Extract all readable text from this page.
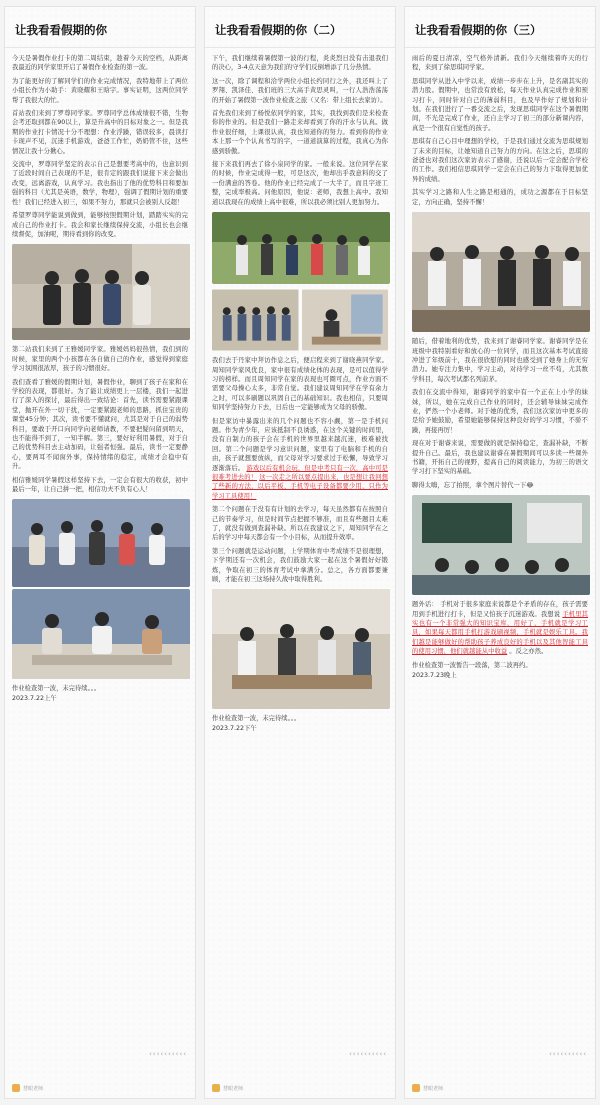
让我看看假期的你

今天是暑假作业打卡的第二周结束，趁着今天的空档，从距离我最近的同学家里开启了暑假作业检查的第一波。

为了能更好的了解同学们的作业完成情况，我特地带上了两位小组长作为小助手：黄晓耀和王晗宇。事实证明，这两位同学帮了我很大的忙。

首站我们来到了罗尊同学家。罗尊同学总体成绩很不错，生物会考还取到都在90以上，算是升高中的目标对象之一。但是我期的作业打卡情况十分不理想：作业浮躁，错误较多，晨读打卡现声不见，沉迷手机游戏，爸爸工作忙，奶奶管不住，这些情况让我十分揪心。

交流中，罗尊同学坚定的表示自己是想要考高中的，也意识到了近段时间自己表现的不足，很肯定的跟我们说接下来会做出改变，远离游戏，认真学习。我也指出了他的优势科目和要加强的科目（尤其是英语，数学，物理），强调了假期计划的重要性！我们已经进入初三，如果不努力，那就只会被别人反超！

希望罗尊同学能说到做到，能够按照假期计划，踏踏实实的完成自己的作业打卡。我会和家长继续保持交流，小组长也会继续督促，加油呢，期待看到你的改变。

第二站我们来到了王雅媛同学家。雅媛妈妈很热情，我们到的时候，家里的两个小孩都在各自做自己的作业，感觉得到家庭学习氛围很浓厚，孩子的习惯很好。

我们查看了雅媛的假期计划，暑假作业，聊到了孩子在家和在学校的表现，都很好。为了能让成绩更上一层楼，我们一起进行了深入的探讨，最后得出一致结论：首先，读书需要紧跟课堂，抛开在外一切干扰，一定要紧跟老师的思路，抓住宝贵的课堂45分钟；其次，读书要不懂就问，尤其是对于自己的弱势科目，要敢于开口向同学向老师请教，不要把疑问留到明天，也不能得不到了，一知半解。第三，要好好利用暑假，对于自己的优势科目去主动加码，让强者恒强。最后，读书一定要静心，要两耳不闻窗外事，保持情绪的稳定，成绩才会稳中有升。

相信雅媛同学暑假这样坚持下去，一定会有很大的收获，初中最后一年，让自己拼一把，相信功夫不负有心人！

作业检查第一波，未完待续。。。
2023.7.22上午
‹‹‹‹‹‹‹‹‹‹
慧眼老师
让我看看假期的你（二）

下午，我们继续着暑假第一波的行程，炎炎烈日没有击退我们的决心，3-4点天意为我们的守学们反倒增添了几分热情。

这一次，除了调程和洽学两位小组长约同行之外，我还叫上了罗翔、凯泽佳、我们班的三大高手黄思灵叫，一行人浩浩荡荡的开始了暑假第一波作业检查之旅（又名：带上组长去家访）。

首先我们来到了杨悦依同学的家，其实，我找到我们是来检查你的作业的。但是我们一路走来却看到了你的汗水与认真。做作业很仔细，上课很认真，我也知道你的努力。看到你的作业本上那一个个认真书写的字，一道道演算的过程，我真心为你感到骄傲。

接下来我们再去了徐小泉同学的家。一般来说。这位同学在家的时候，作业完成得一般，可是这次，他却出乎我意料的交了一份满意的答卷。他的作业已经完成了一大半了，而且字迹工整，完成率极高。问他原因，他说：老师，我想上高中。我知道以我现在的成绩上高中很难，所以我必须比别人更加努力。

我们去于丹家中拜访作息之后，便启程来到了谢晓燕同学家。周知同学家风优良，家中很有成绩化体的表现，是可以值得学习的榜样。而且周知同学在家的表现也可圈可点，作业方面不需要父母操心太多，非常自觉。我们建议周知同学在学有余力之时，可以多刷题以巩固自己的基础知识。我也相信，只要周知同学坚持努力下去，日后也一定能够成为父母的骄傲。

但是家访中暴露出来的几个问题也不容小觑，第一是手机问题。作为青少年，应该抵制不良诱惑，在这个关键的时间里，没有自制力的孩子会在手机的世界里越来越沉迷，极难被找回。第二个问题是学习意识问题，家里有了电脑和手机的自由，孩子就想要放纵，而父母对学习要求过于松懈，导致学习逐渐落后。 游戏以后有机会玩，但是中考只有一次，高中可是很难考进去的！ 这一次走之所以要点提出来，也是想让我回想了些新的方法，以后平板、手机等电子设备都要少用，只作为学习工具使用！

第二个问题在于没有有计划的去学习，每天虽然都有在按照自己的节奏学习，但是时间节点把握不够准，而且有些题目太难了，就没有做到查漏补缺。所以在我建议之下，周知同学在之后的学习中每天都会有一个小目标，从而提升效率。

第三个问题就是运动问题，上学期体育中考成绩不是很理想，下学期还有一次机会，我们鼓励大家一起在这个暑假好好锻炼，争取在初三的体育考试中拿满分。总之，各方面都要兼顾，才能在初三这场持久战中取得胜利。

作业检查第一波，未完待续。。。
2023.7.22下午
‹‹‹‹‹‹‹‹‹‹
慧眼老师
让我看看假期的你（三）

雨后的夏日清凉，空气格外清新。我们今天继续着昨天的行程，来到了徐思琪同学家。

思琪同学从进入中学以来，成绩一步步在上升，是名副其实的潜力股。假期中，也常没有放松，每天作业认真完成作业和预习打卡，同时针对自己的薄弱科目，也及早作好了规划和计划。在我们进行了一番交流之后，发现思琪同学在这个暑假期间，不光是完成了作业，还自主学习了初三的部分新课内容，真是一个很有自觉性的孩子。

思琪有自己心目中理想的学校，于是我们通过交流为思琪规划了未来的目标，让她知道自己努力的方向。在这之后，思琪的爸爸也对我们这次家访表示了感谢，还说以后一定会配合学校的工作。我们相信思琪同学一定会在自己的努力下取得更加优异的成绩。

其实学习之路和人生之路是相通的，成功之源都在于目标坚定，方向正确，坚持不懈！

随后，借着地利的优势，我来到了谢睿同学家。谢睿同学是在班级中我特别看好和放心的一位同学，而且这次基本考试直接冲进了年级前十，我在很欣慰的同时也感受到了她身上的无穷潜力。她专注力集中，学习主动，对待学习一丝不苟，尤其数学科目，每次考试都名列前茅。

我们在交流中得知，谢睿同学的家中有一个正在上小学的妹妹，所以，她在完成自己作业的同时，还会辅导妹妹完成作业，俨然一个小老师。对于她的优秀，我们这次家访中更多的是给予她鼓励，希望她能够保持这种良好的学习习惯，不骄不躁，再接再厉！

现在对于谢睿来说，需要做的就是保持稳定，查漏补缺，不断提升自己。最后，我也建议谢睿在暑假期间可以多读一些课外书籍，开拓自己的视野，提高自己的阅读能力，为初三的语文学习打下坚实的基础。

聊得太嗨，忘了拍照，拿个图片替代一下😂

题外话： 手机对于很多家庭来说都是个矛盾的存在，孩子需要用到手机进行打卡，但是又怕孩子沉迷游戏。我想说 手机里其实也有一个非常强大的知识宝库，用好了，手机就是学习工具，如果每天都用手机打游戏刷视频，手机就是娱乐工具。我们越是能够做好的帮助孩子养成良好的手机以及其他智能工具的使用习惯，他们就越能从中收益 。反之亦然。

作业检查第一波暂告一段落，第二波再约。
2023.7.23晚上
‹‹‹‹‹‹‹‹‹‹
慧眼老师
